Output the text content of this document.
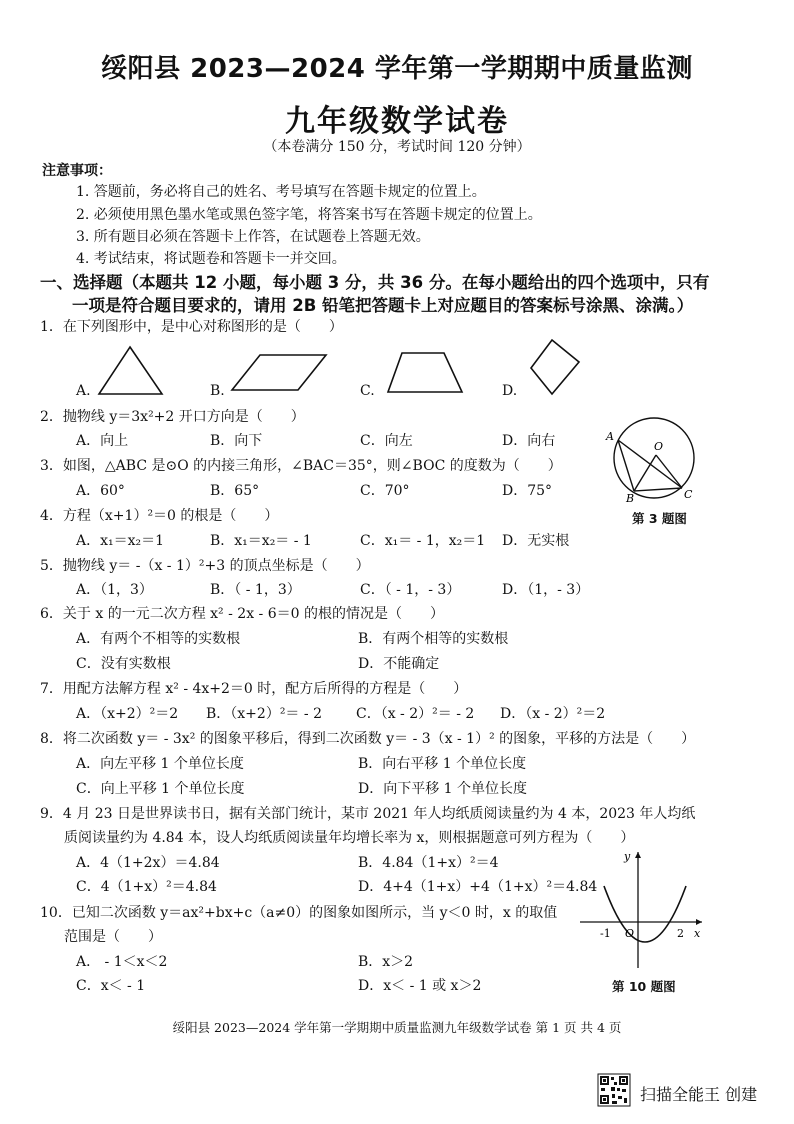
绥阳县 2023—2024 学年第一学期期中质量监测
九年级数学试卷
（本卷满分 150 分，考试时间 120 分钟）
注意事项：
1. 答题前，务必将自己的姓名、考号填写在答题卡规定的位置上。
2. 必须使用黑色墨水笔或黑色签字笔，将答案书写在答题卡规定的位置上。
3. 所有题目必须在答题卡上作答，在试题卷上答题无效。
4. 考试结束，将试题卷和答题卡一并交回。
一、选择题（本题共 12 小题，每小题 3 分，共 36 分。在每小题给出的四个选项中，只有
一项是符合题目要求的，请用 2B 铅笔把答题卡上对应题目的答案标号涂黑、涂满。）
1．在下列图形中，是中心对称图形的是（　　）
A.	B.	C.	D.
2．抛物线 y＝3x²+2 开口方向是（　　）
A．向上	B．向下	C．向左	D．向右
3．如图，△ABC 是⊙O 的内接三角形，∠BAC＝35°，则∠BOC 的度数为（　　）
A．60°	B．65°	C．70°	D．75°
A
O
B	C
第 3 题图
4．方程（x+1）²＝0 的根是（　　）
A．x₁＝x₂＝1	B．x₁＝x₂＝ - 1	C．x₁＝ - 1，x₂＝1 D．无实根
5．抛物线 y＝ -（x - 1）²+3 的顶点坐标是（　　）
A．（1，3）	B．（ - 1，3）	C．（ - 1，- 3）	D．（1，- 3）
6．关于 x 的一元二次方程 x² - 2x - 6＝0 的根的情况是（　　）
A．有两个不相等的实数根	B．有两个相等的实数根
C．没有实数根	D．不能确定
7．用配方法解方程 x² - 4x+2＝0 时，配方后所得的方程是（　　）
A．（x+2）²＝2 B．（x+2）²＝ - 2 C．（x - 2）²＝ - 2 D．（x - 2）²＝2
8．将二次函数 y＝ - 3x² 的图象平移后，得到二次函数 y＝ - 3（x - 1）² 的图象，平移的方法是（　　）
A．向左平移 1 个单位长度	B．向右平移 1 个单位长度
C．向上平移 1 个单位长度	D．向下平移 1 个单位长度
9．4 月 23 日是世界读书日，据有关部门统计，某市 2021 年人均纸质阅读量约为 4 本，2023 年人均纸
质阅读量约为 4.84 本，设人均纸质阅读量年均增长率为 x，则根据题意可列方程为（　　）
A．4（1+2x）＝4.84	B．4.84（1+x）²＝4
C．4（1+x）²＝4.84	D．4+4（1+x）+4（1+x）²＝4.84
10．已知二次函数 y＝ax²+bx+c（a≠0）的图象如图所示，当 y＜0 时，x 的取值
范围是（　　）
A． - 1＜x＜2	B．x＞2
C．x＜ - 1	D．x＜ - 1 或 x＞2
y
-1 O	2 x
第 10 题图
绥阳县 2023—2024 学年第一学期期中质量监测九年级数学试卷 第 1 页 共 4 页
扫描全能王 创建
